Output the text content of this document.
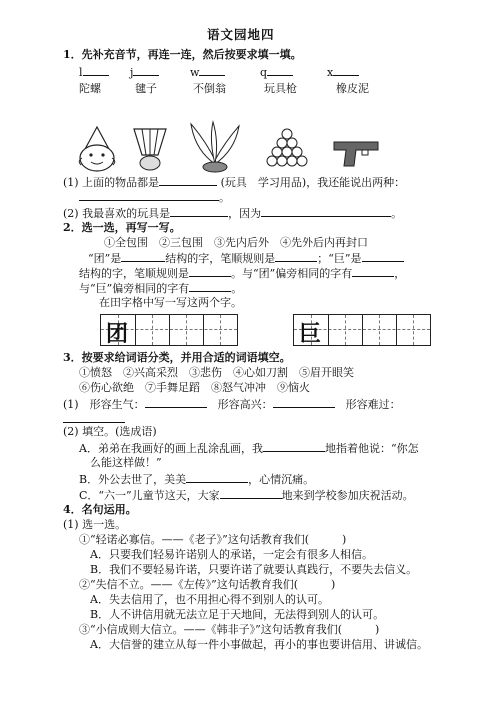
语文园地四
1．先补充音节，再连一连，然后按要求填一填。
l	j	w	q	x
陀螺	毽子	不倒翁	玩具枪	橡皮泥
(1) 上面的物品都是	(玩具　学习用品)，我还能说出两种：
。
(2) 我最喜欢的玩具是	，因为	。
2．选一选，再写一写。
①全包围　②三包围　③先内后外　④先外后内再封口
“团”是	结构的字，笔顺规则是	；“巨”是
结构的字，笔顺规则是	。与“团”偏旁相同的字有	，
与“巨”偏旁相同的字有	。
在田字格中写一写这两个字。
团	巨
3．按要求给词语分类，并用合适的词语填空。
①愤怒　②兴高采烈　③悲伤　④心如刀割　⑤眉开眼笑
⑥伤心欲绝　⑦手舞足蹈　⑧怒气冲冲　⑨恼火
(1)　 形容生气：　	形容高兴：　	形容难过：
(2) 填空。(选成语)
A．弟弟在我画好的画上乱涂乱画，我	地指着他说：“你怎
么能这样做！”
B．外公去世了，美美	，心情沉痛。
C．“六一”儿童节这天，大家	地来到学校参加庆祝活动。
4．名句运用。
(1) 选一选。
①“轻诺必寡信。——《老子》”这句话教育我们(　　　)
A．只要我们轻易许诺别人的承诺，一定会有很多人相信。
B．我们不要轻易许诺，只要许诺了就要认真践行，不要失去信义。
②“失信不立。——《左传》”这句话教育我们(　　　)
A．失去信用了，也不用担心得不到别人的认可。
B．人不讲信用就无法立足于天地间，无法得到别人的认可。
③“小信成则大信立。——《韩非子》”这句话教育我们(　　　)
A．大信誉的建立从每一件小事做起，再小的事也要讲信用、讲诚信。
